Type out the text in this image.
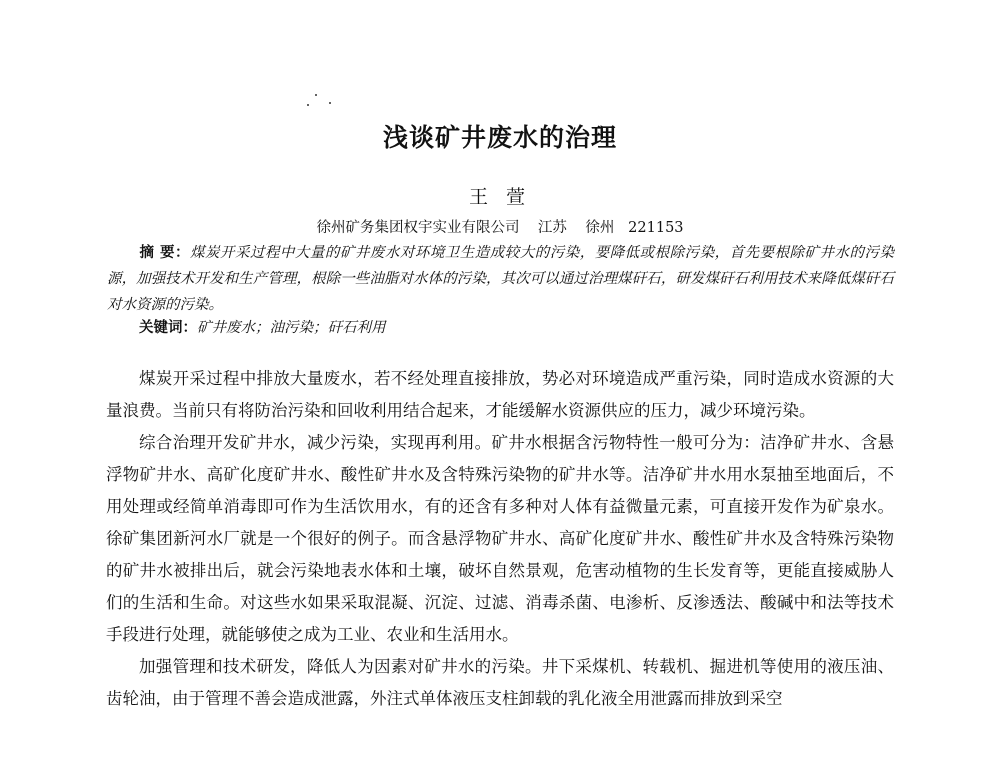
浅谈矿井废水的治理
王 萱
徐州矿务集团权宇实业有限公司    江苏    徐州   221153
摘 要：煤炭开采过程中大量的矿井废水对环境卫生造成较大的污染，要降低或根除污染，首先要根除矿井水的污染源，加强技术开发和生产管理，根除一些油脂对水体的污染，其次可以通过治理煤矸石，研发煤矸石利用技术来降低煤矸石对水资源的污染。
关键词：矿井废水；油污染；矸石利用

煤炭开采过程中排放大量废水，若不经处理直接排放，势必对环境造成严重污染，同时造成水资源的大量浪费。当前只有将防治污染和回收利用结合起来，才能缓解水资源供应的压力，减少环境污染。

综合治理开发矿井水，减少污染，实现再利用。矿井水根据含污物特性一般可分为：洁净矿井水、含悬浮物矿井水、高矿化度矿井水、酸性矿井水及含特殊污染物的矿井水等。洁净矿井水用水泵抽至地面后，不用处理或经简单消毒即可作为生活饮用水，有的还含有多种对人体有益微量元素，可直接开发作为矿泉水。徐矿集团新河水厂就是一个很好的例子。而含悬浮物矿井水、高矿化度矿井水、酸性矿井水及含特殊污染物的矿井水被排出后，就会污染地表水体和土壤，破坏自然景观，危害动植物的生长发育等，更能直接威胁人们的生活和生命。对这些水如果采取混凝、沉淀、过滤、消毒杀菌、电渗析、反渗透法、酸碱中和法等技术手段进行处理，就能够使之成为工业、农业和生活用水。

加强管理和技术研发，降低人为因素对矿井水的污染。井下采煤机、转载机、掘进机等使用的液压油、齿轮油，由于管理不善会造成泄露，外注式单体液压支柱卸载的乳化液全用泄露而排放到采空
